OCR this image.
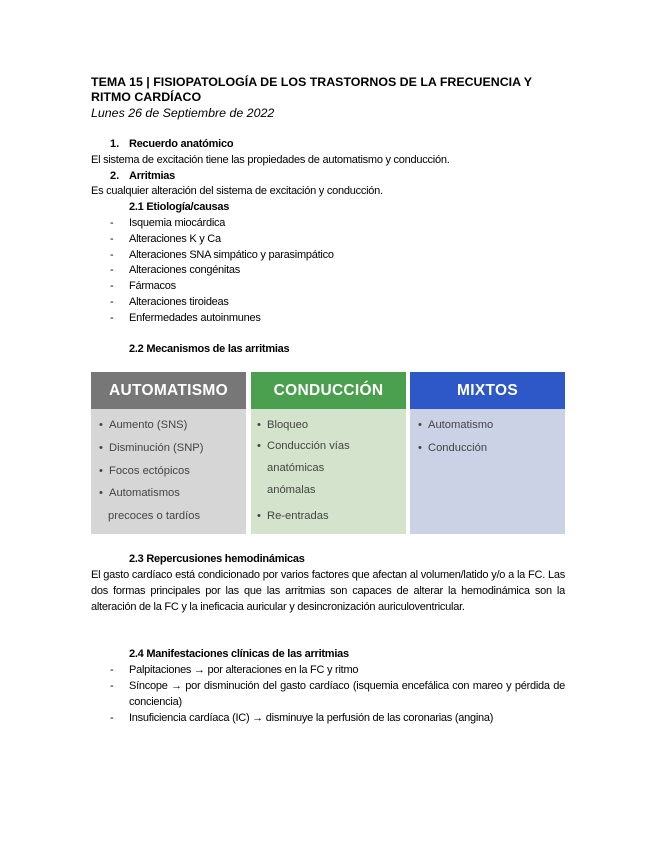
TEMA 15 | FISIOPATOLOGÍA DE LOS TRASTORNOS DE LA FRECUENCIA Y RITMO CARDÍACO
Lunes 26 de Septiembre de 2022
1. Recuerdo anatómico
El sistema de excitación tiene las propiedades de automatismo y conducción.
2. Arritmias
Es cualquier alteración del sistema de excitación y conducción.
2.1 Etiología/causas
- Isquemia miocárdica
- Alteraciones K y Ca
- Alteraciones SNA simpático y parasimpático
- Alteraciones congénitas
- Fármacos
- Alteraciones tiroideas
- Enfermedades autoinmunes
2.2 Mecanismos de las arritmias
AUTOMATISMO
• Aumento (SNS)
• Disminución (SNP)
• Focos ectópicos
• Automatismos
precoces o tardíos
CONDUCCIÓN
• Bloqueo
• Conducción vías
• Re-entradas
anatómicas
anómalas
MIXTOS
• Automatismo
• Conducción
2.3 Repercusiones hemodinámicas
El gasto cardíaco está condicionado por varios factores que afectan al volumen/latido y/o a la FC. Las dos formas principales por las que las arritmias son capaces de alterar la hemodinámica son la alteración de la FC y la ineficacia auricular y desincronización auriculoventricular.
2.4 Manifestaciones clínicas de las arritmias
- Palpitaciones → por alteraciones en la FC y ritmo
- Síncope → por disminución del gasto cardíaco (isquemia encefálica con mareo y pérdida de conciencia)
- Insuficiencia cardíaca (IC) → disminuye la perfusión de las coronarias (angina)
